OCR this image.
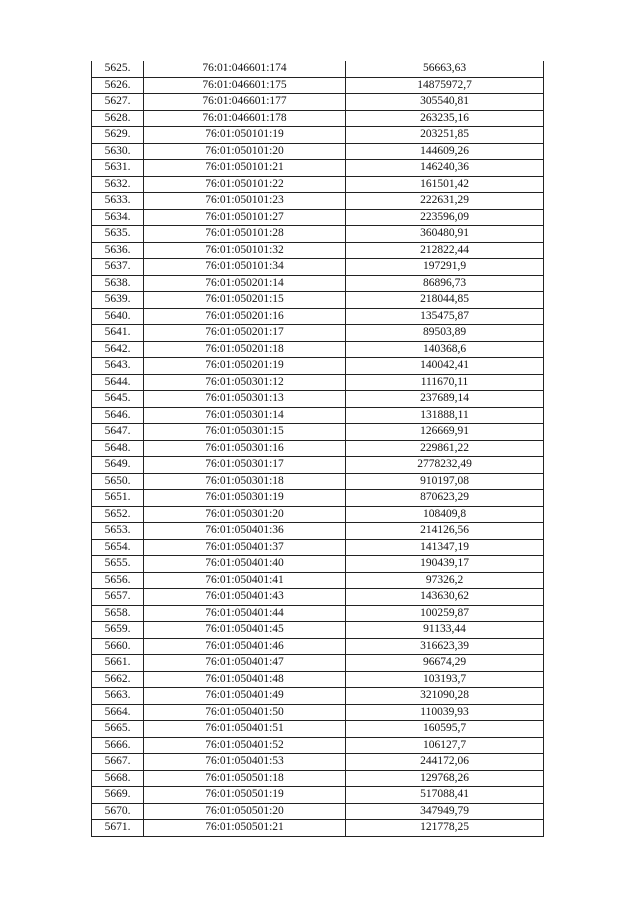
5625.	76:01:046601:174	56663,63
5626.	76:01:046601:175	14875972,7
5627.	76:01:046601:177	305540,81
5628.	76:01:046601:178	263235,16
5629.	76:01:050101:19	203251,85
5630.	76:01:050101:20	144609,26
5631.	76:01:050101:21	146240,36
5632.	76:01:050101:22	161501,42
5633.	76:01:050101:23	222631,29
5634.	76:01:050101:27	223596,09
5635.	76:01:050101:28	360480,91
5636.	76:01:050101:32	212822,44
5637.	76:01:050101:34	197291,9
5638.	76:01:050201:14	86896,73
5639.	76:01:050201:15	218044,85
5640.	76:01:050201:16	135475,87
5641.	76:01:050201:17	89503,89
5642.	76:01:050201:18	140368,6
5643.	76:01:050201:19	140042,41
5644.	76:01:050301:12	111670,11
5645.	76:01:050301:13	237689,14
5646.	76:01:050301:14	131888,11
5647.	76:01:050301:15	126669,91
5648.	76:01:050301:16	229861,22
5649.	76:01:050301:17	2778232,49
5650.	76:01:050301:18	910197,08
5651.	76:01:050301:19	870623,29
5652.	76:01:050301:20	108409,8
5653.	76:01:050401:36	214126,56
5654.	76:01:050401:37	141347,19
5655.	76:01:050401:40	190439,17
5656.	76:01:050401:41	97326,2
5657.	76:01:050401:43	143630,62
5658.	76:01:050401:44	100259,87
5659.	76:01:050401:45	91133,44
5660.	76:01:050401:46	316623,39
5661.	76:01:050401:47	96674,29
5662.	76:01:050401:48	103193,7
5663.	76:01:050401:49	321090,28
5664.	76:01:050401:50	110039,93
5665.	76:01:050401:51	160595,7
5666.	76:01:050401:52	106127,7
5667.	76:01:050401:53	244172,06
5668.	76:01:050501:18	129768,26
5669.	76:01:050501:19	517088,41
5670.	76:01:050501:20	347949,79
5671.	76:01:050501:21	121778,25
